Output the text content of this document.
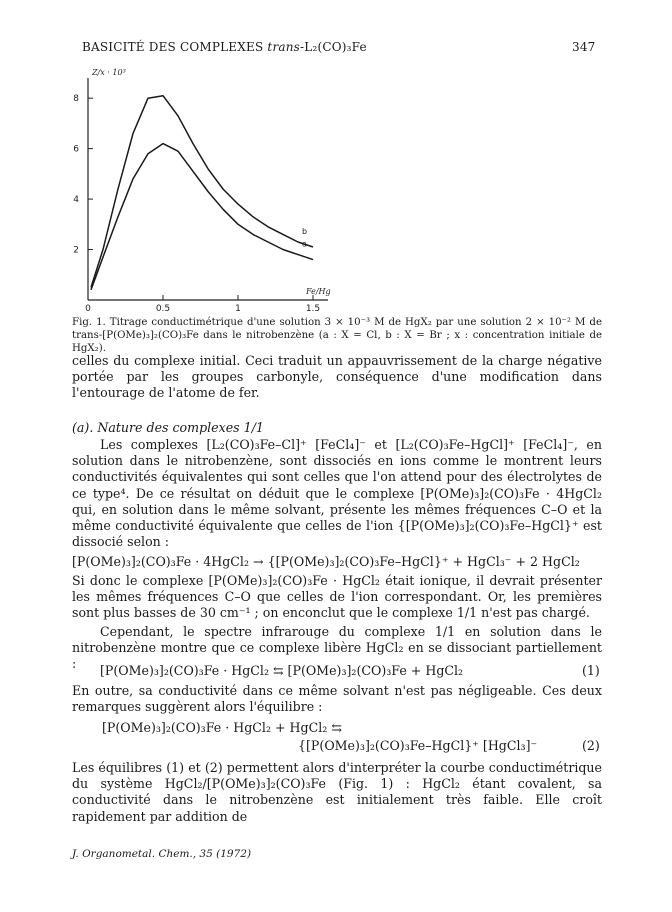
BASICITÉ DES COMPLEXES trans-L₂(CO)₃Fe	347
0	0.5	1	1.5
2
4
6
8
b
a
Z/x · 10³
Fe/Hg

Fig. 1. Titrage conductimétrique d'une solution 3 × 10⁻³ M de HgX₂ par une solution 2 × 10⁻² M de trans-[P(OMe)₃]₂(CO)₃Fe dans le nitrobenzène (a : X = Cl, b : X = Br ; x : concentration initiale de HgX₂).

celles du complexe initial. Ceci traduit un appauvrissement de la charge négative portée par les groupes carbonyle, conséquence d'une modification dans l'entourage de l'atome de fer.

(a). Nature des complexes 1/1

Les complexes [L₂(CO)₃Fe–Cl]⁺ [FeCl₄]⁻ et [L₂(CO)₃Fe–HgCl]⁺ [FeCl₄]⁻, en solution dans le nitrobenzène, sont dissociés en ions comme le montrent leurs conductivités équivalentes qui sont celles que l'on attend pour des électrolytes de ce type⁴. De ce résultat on déduit que le complexe [P(OMe)₃]₂(CO)₃Fe · 4HgCl₂ qui, en solution dans le même solvant, présente les mêmes fréquences C–O et la même conductivité équivalente que celles de l'ion {[P(OMe)₃]₂(CO)₃Fe–HgCl}⁺ est dissocié selon :

[P(OMe)₃]₂(CO)₃Fe · 4HgCl₂ → {[P(OMe)₃]₂(CO)₃Fe–HgCl}⁺ + HgCl₃⁻ + 2 HgCl₂

Si donc le complexe [P(OMe)₃]₂(CO)₃Fe · HgCl₂ était ionique, il devrait présenter les mêmes fréquences C–O que celles de l'ion correspondant. Or, les premières sont plus basses de 30 cm⁻¹ ; on enconclut que le complexe 1/1 n'est pas chargé.

Cependant, le spectre infrarouge du complexe 1/1 en solution dans le nitrobenzène montre que ce complexe libère HgCl₂ en se dissociant partiellement :	[P(OMe)₃]₂(CO)₃Fe · HgCl₂ ⇆ [P(OMe)₃]₂(CO)₃Fe + HgCl₂	(1)

En outre, sa conductivité dans ce même solvant n'est pas négligeable. Ces deux remarques suggèrent alors l'équilibre :

[P(OMe)₃]₂(CO)₃Fe · HgCl₂ + HgCl₂ ⇆
{[P(OMe)₃]₂(CO)₃Fe–HgCl}⁺ [HgCl₃]⁻	(2)

Les équilibres (1) et (2) permettent alors d'interpréter la courbe conductimétrique du système HgCl₂/[P(OMe)₃]₂(CO)₃Fe (Fig. 1) : HgCl₂ étant covalent, sa conductivité dans le nitrobenzène est initialement très faible. Elle croît rapidement par addition de

J. Organometal. Chem., 35 (1972)
